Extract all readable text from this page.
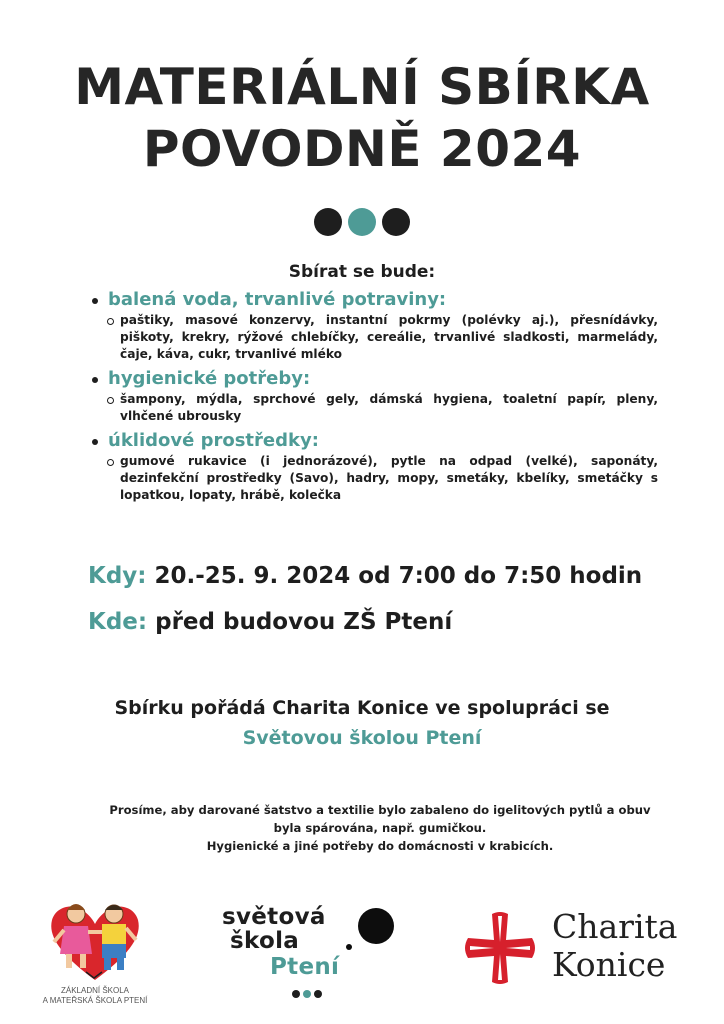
MATERIÁLNÍ SBÍRKA
POVODNĚ 2024
Sbírat se bude:
balená voda, trvanlivé potraviny:
paštiky, masové konzervy, instantní pokrmy (polévky aj.), přesnídávky, piškoty, krekry, rýžové chlebíčky, cereálie, trvanlivé sladkosti, marmelády, čaje, káva, cukr, trvanlivé mléko
hygienické potřeby:
šampony, mýdla, sprchové gely, dámská hygiena, toaletní papír, pleny, vlhčené ubrousky
úklidové prostředky:
gumové rukavice (i jednorázové), pytle na odpad (velké), saponáty, dezinfekční prostředky (Savo), hadry, mopy, smetáky, kbelíky, smetáčky s lopatkou, lopaty, hrábě, kolečka
Kdy: 20.-25. 9. 2024 od 7:00 do 7:50 hodin
Kde: před budovou ZŠ Ptení
Sbírku pořádá Charita Konice ve spolupráci se
Světovou školou Ptení
Prosíme, aby darované šatstvo a textilie bylo zabaleno do igelitových pytlů a obuv
byla spárována, např. gumičkou.
Hygienické a jiné potřeby do domácnosti v krabicích.
ZÁKLADNÍ ŠKOLA
A MATEŘSKÁ ŠKOLA PTENÍ
světová
škola
Ptení
Charita
Konice
